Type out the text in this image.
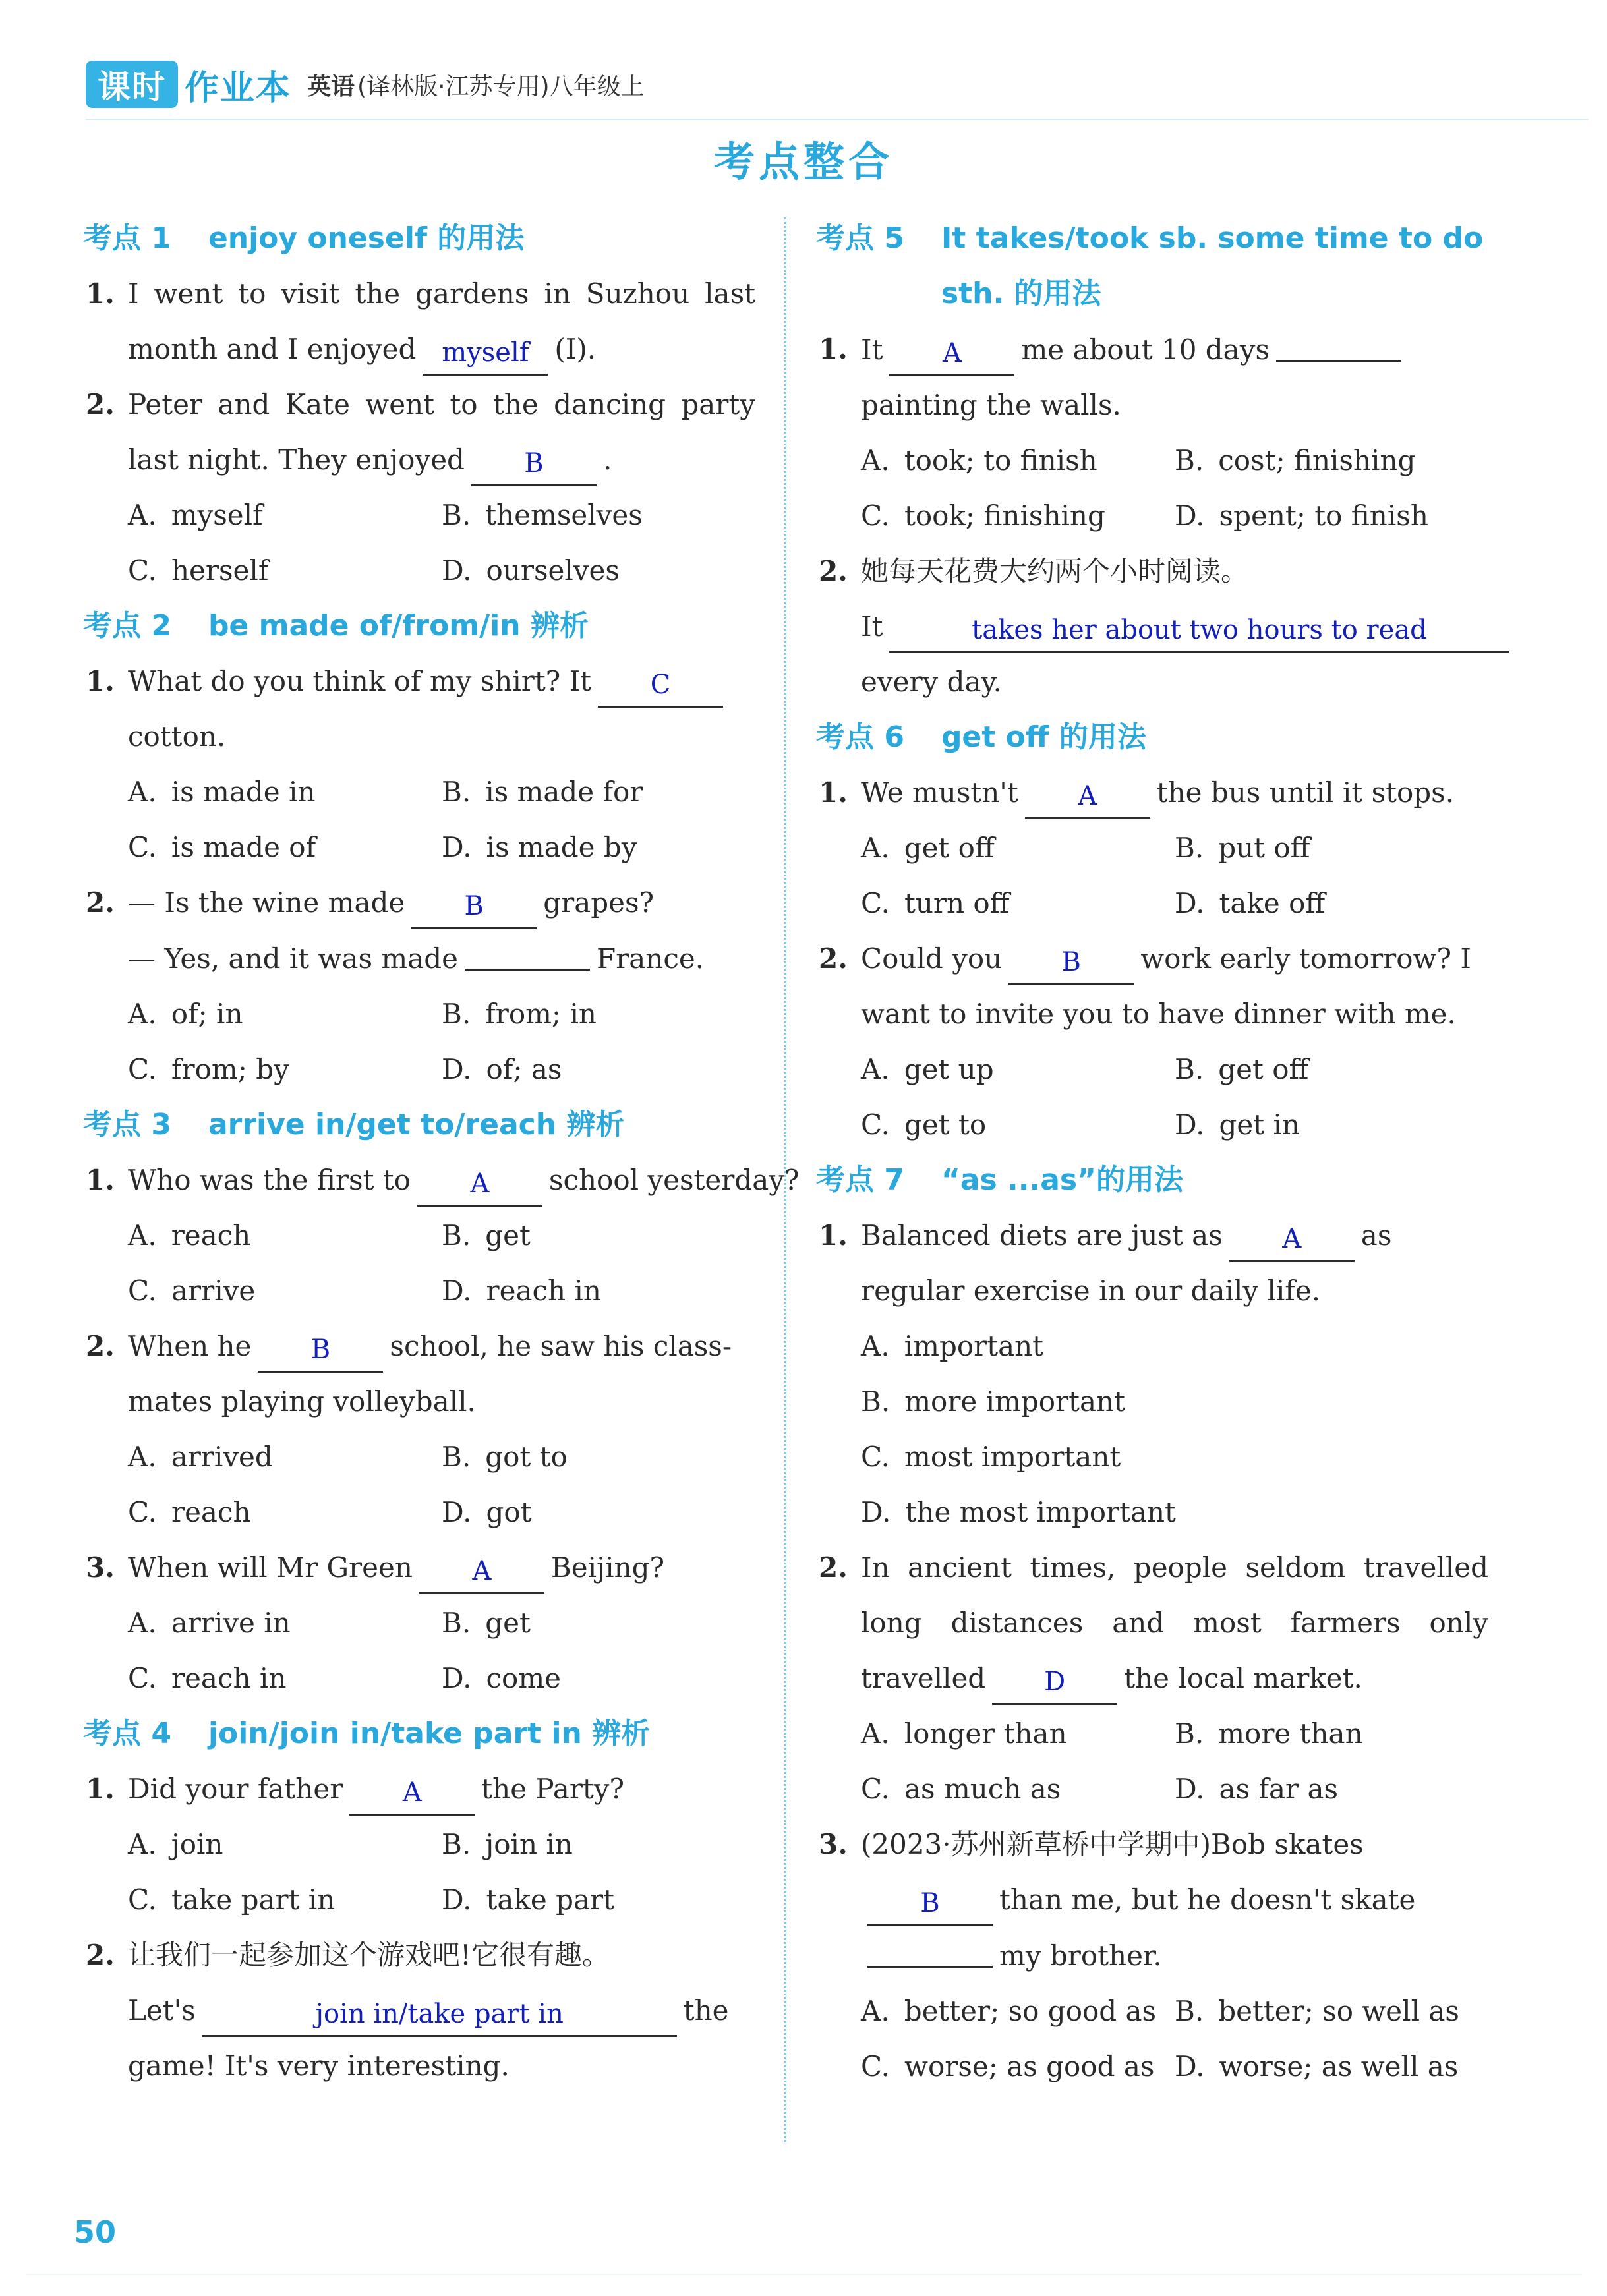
课时 作业本 英语 (译林版·江苏专用)八年级上
考点整合
考点 1 enjoy oneself 的用法
1. I went to visit the gardens in Suzhou last
month and I enjoyed myself (I).
2. Peter and Kate went to the dancing party
last night. They enjoyed B .
A. myself	B. themselves
C. herself	D. ourselves
考点 2 be made of/from/in 辨析
1. What do you think of my shirt? It C
cotton.
A. is made in	B. is made for
C. is made of	D. is made by
2. — Is the wine made B grapes?
— Yes, and it was made	France.
A. of; in	B. from; in
C. from; by	D. of; as
考点 3 arrive in/get to/reach 辨析
1. Who was the first to A school yesterday?
A. reach	B. get
C. arrive	D. reach in
2. When he B school, he saw his class-
mates playing volleyball.
A. arrived	B. got to
C. reach	D. got
3. When will Mr Green A Beijing?
A. arrive in	B. get
C. reach in	D. come
考点 4 join/join in/take part in 辨析
1. Did your father A the Party?
A. join	B. join in
C. take part in	D. take part
2. 让我们一起参加这个游戏吧!它很有趣。
Let's	join in/take part in	the
game! It's very interesting.
考点 5 It takes/took sb. some time to do sth. 的用法
1. It A me about 10 days
painting the walls.
A. took; to finish	B. cost; finishing
C. took; finishing	D. spent; to finish
2. 她每天花费大约两个小时阅读。
It	takes her about two hours to read
every day.
考点 6 get off 的用法
1. We mustn't A the bus until it stops.
A. get off	B. put off
C. turn off	D. take off
2. Could you B work early tomorrow? I
want to invite you to have dinner with me.
A. get up	B. get off
C. get to	D. get in
考点 7 “as ...as”的用法
1. Balanced diets are just as A as
regular exercise in our daily life.
A. important
B. more important
C. most important
D. the most important
2. In ancient times, people seldom travelled
long distances and most farmers only
travelled D the local market.
A. longer than	B. more than
C. as much as	D. as far as
3. (2023·苏州新草桥中学期中)Bob skates
B than me, but he doesn't skate
my brother.
A. better; so good as B. better; so well as
C. worse; as good as D. worse; as well as
50
